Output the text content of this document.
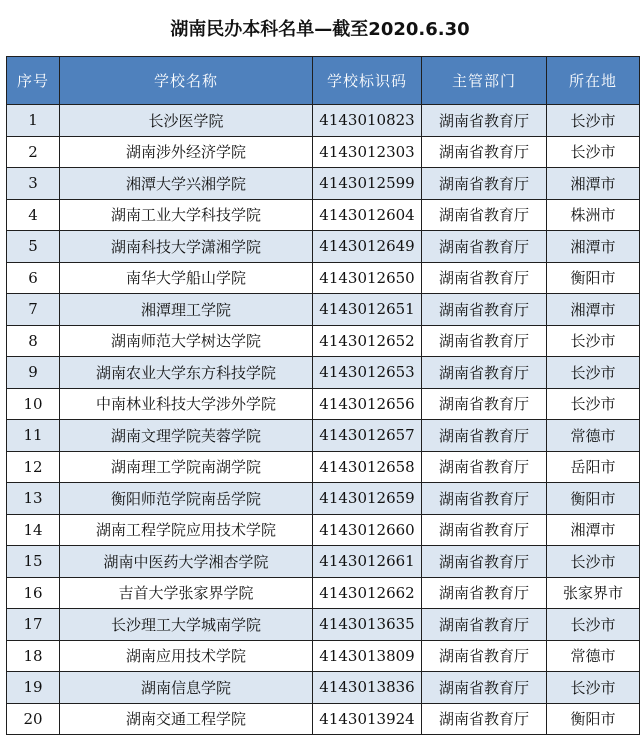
湖南民办本科名单—截至2020.6.30
序号	学校名称	学校标识码	主管部门	所在地
1	长沙医学院	4143010823	湖南省教育厅	长沙市
2	湖南涉外经济学院	4143012303	湖南省教育厅	长沙市
3	湘潭大学兴湘学院	4143012599	湖南省教育厅	湘潭市
4	湖南工业大学科技学院	4143012604	湖南省教育厅	株洲市
5	湖南科技大学潇湘学院	4143012649	湖南省教育厅	湘潭市
6	南华大学船山学院	4143012650	湖南省教育厅	衡阳市
7	湘潭理工学院	4143012651	湖南省教育厅	湘潭市
8	湖南师范大学树达学院	4143012652	湖南省教育厅	长沙市
9	湖南农业大学东方科技学院	4143012653	湖南省教育厅	长沙市
10	中南林业科技大学涉外学院	4143012656	湖南省教育厅	长沙市
11	湖南文理学院芙蓉学院	4143012657	湖南省教育厅	常德市
12	湖南理工学院南湖学院	4143012658	湖南省教育厅	岳阳市
13	衡阳师范学院南岳学院	4143012659	湖南省教育厅	衡阳市
14	湖南工程学院应用技术学院	4143012660	湖南省教育厅	湘潭市
15	湖南中医药大学湘杏学院	4143012661	湖南省教育厅	长沙市
16	吉首大学张家界学院	4143012662	湖南省教育厅	张家界市
17	长沙理工大学城南学院	4143013635	湖南省教育厅	长沙市
18	湖南应用技术学院	4143013809	湖南省教育厅	常德市
19	湖南信息学院	4143013836	湖南省教育厅	长沙市
20	湖南交通工程学院	4143013924	湖南省教育厅	衡阳市
